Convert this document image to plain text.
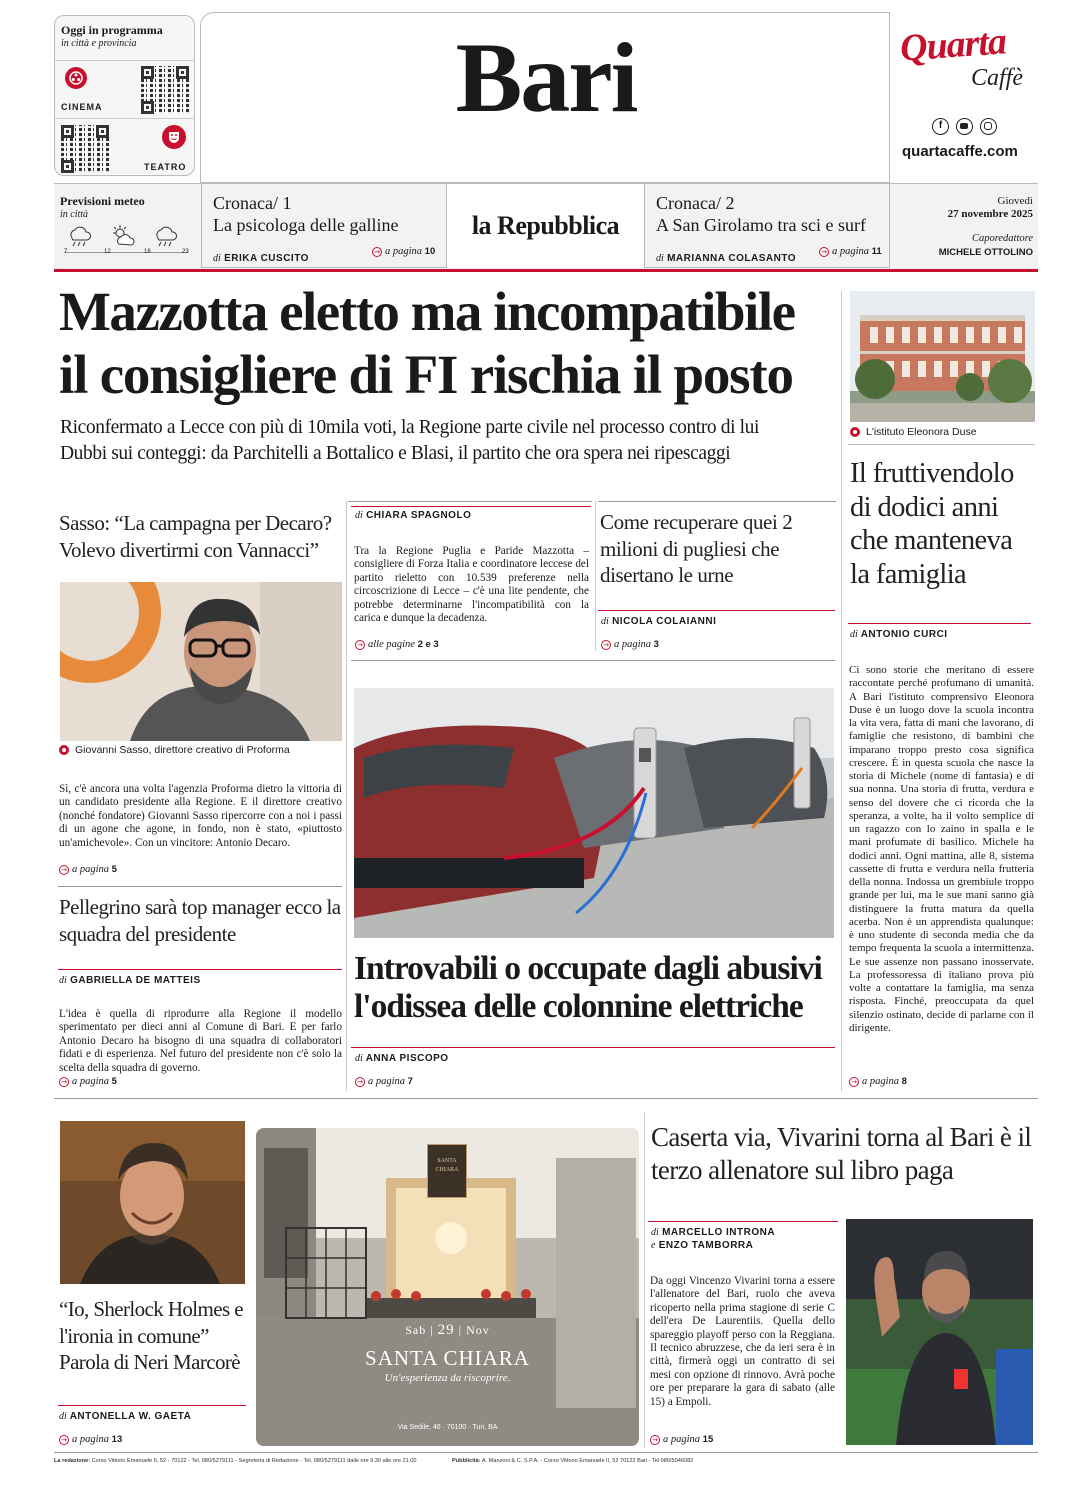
Oggi in programma
in città e provincia
CINEMA
TEATRO
Bari	Quarta
Caffè
f
quartacaffe.com
Previsioni meteo
in città
7	12	18	23
Cronaca/ 1
La psicologa delle galline
di ERIKA CUSCITO
→ a pagina 10
la Repubblica
Cronaca/ 2
A San Girolamo tra sci e surf
di MARIANNA COLASANTO
→ a pagina 11
Giovedì
27 novembre 2025
Caporedattore
MICHELE OTTOLINO
Mazzotta eletto ma incompatibile
il consigliere di FI rischia il posto
Riconfermato a Lecce con più di 10mila voti, la Regione parte civile nel processo contro di lui
Dubbi sui conteggi: da Parchitelli a Bottalico e Blasi, il partito che ora spera nei ripescaggi
L'istituto Eleonora Duse
Il fruttivendolo di dodici anni che manteneva la famiglia
di ANTONIO CURCI
Ci sono storie che meritano di essere raccontate perché profumano di umanità. A Bari l'istituto comprensivo Eleonora Duse è un luogo dove la scuola incontra la vita vera, fatta di mani che lavorano, di famiglie che resistono, di bambini che imparano troppo presto cosa significa crescere. È in questa scuola che nasce la storia di Michele (nome di fantasia) e di sua nonna. Una storia di frutta, verdura e senso del dovere che ci ricorda che la speranza, a volte, ha il volto semplice di un ragazzo con lo zaino in spalla e le mani profumate di basilico. Michele ha dodici anni. Ogni mattina, alle 8, sistema cassette di frutta e verdura nella frutteria della nonna. Indossa un grembiule troppo grande per lui, ma le sue mani sanno già distinguere la frutta matura da quella acerba. Non è un apprendista qualunque: è uno studente di seconda media che da tempo frequenta la scuola a intermittenza. Le sue assenze non passano inosservate. La professoressa di italiano prova più volte a contattare la famiglia, ma senza risposta. Finché, preoccupata da quel silenzio ostinato, decide di parlarne con il dirigente.
→ a pagina 8
Sasso: “La campagna per Decaro? Volevo divertirmi con Vannacci”
Giovanni Sasso, direttore creativo di Proforma
Sì, c'è ancora una volta l'agenzia Proforma dietro la vittoria di un candidato presidente alla Regione. E il direttore creativo (nonché fondatore) Giovanni Sasso ripercorre con a noi i passi di un agone che agone, in fondo, non è stato, «piuttosto un'amichevole». Con un vincitore: Antonio Decaro.
→ a pagina 5
Pellegrino sarà top manager ecco la squadra del presidente
di GABRIELLA DE MATTEIS
L'idea è quella di riprodurre alla Regione il modello sperimentato per dieci anni al Comune di Bari. E per farlo Antonio Decaro ha bisogno di una squadra di collaboratori fidati e di esperienza. Nel futuro del presidente non c'è solo la scelta della squadra di governo.
→ a pagina 5
di CHIARA SPAGNOLO
Tra la Regione Puglia e Paride Mazzotta – consigliere di Forza Italia e coordinatore leccese del partito rieletto con 10.539 preferenze nella circoscrizione di Lecce – c'è una lite pendente, che potrebbe determinarne l'incompatibilità con la carica e dunque la decadenza.
→ alle pagine 2 e 3
Come recuperare quei 2 milioni di pugliesi che disertano le urne
di NICOLA COLAIANNI
→ a pagina 3
Introvabili o occupate dagli abusivi
l'odissea delle colonnine elettriche
di ANNA PISCOPO
→ a pagina 7
“Io, Sherlock Holmes e l'ironia in comune” Parola di Neri Marcorè
di ANTONELLA W. GAETA
→ a pagina 13
SANTA
CHIARA
Sab | 29 | Nov
SANTA CHIARA
Un'esperienza da riscoprire.
Via Sedile, 46 · 70100 · Turi, BA
Caserta via, Vivarini torna al Bari è il terzo allenatore sul libro paga
di MARCELLO INTRONA
e ENZO TAMBORRA
Da oggi Vincenzo Vivarini torna a essere l'allenatore del Bari, ruolo che aveva ricoperto nella prima stagione di serie C dell'era De Laurentiis. Quella dello spareggio playoff perso con la Reggiana. Il tecnico abruzzese, che da ieri sera è in città, firmerà oggi un contratto di sei mesi con opzione di rinnovo. Avrà poche ore per preparare la gara di sabato (alle 15) a Empoli.
→ a pagina 15
La redazione: Corso Vittorio Emanuele II, 52 - 70122 - Tel. 080/5279111 - Segreteria di Redazione - Tel. 080/5279111 dalle ore 9.30 alle ore 21.00	Pubblicità: A. Manzoni & C. S.P.A. - Corso Vittorio Emanuele II, 52 70122 Bari - Tel 080/5046082
